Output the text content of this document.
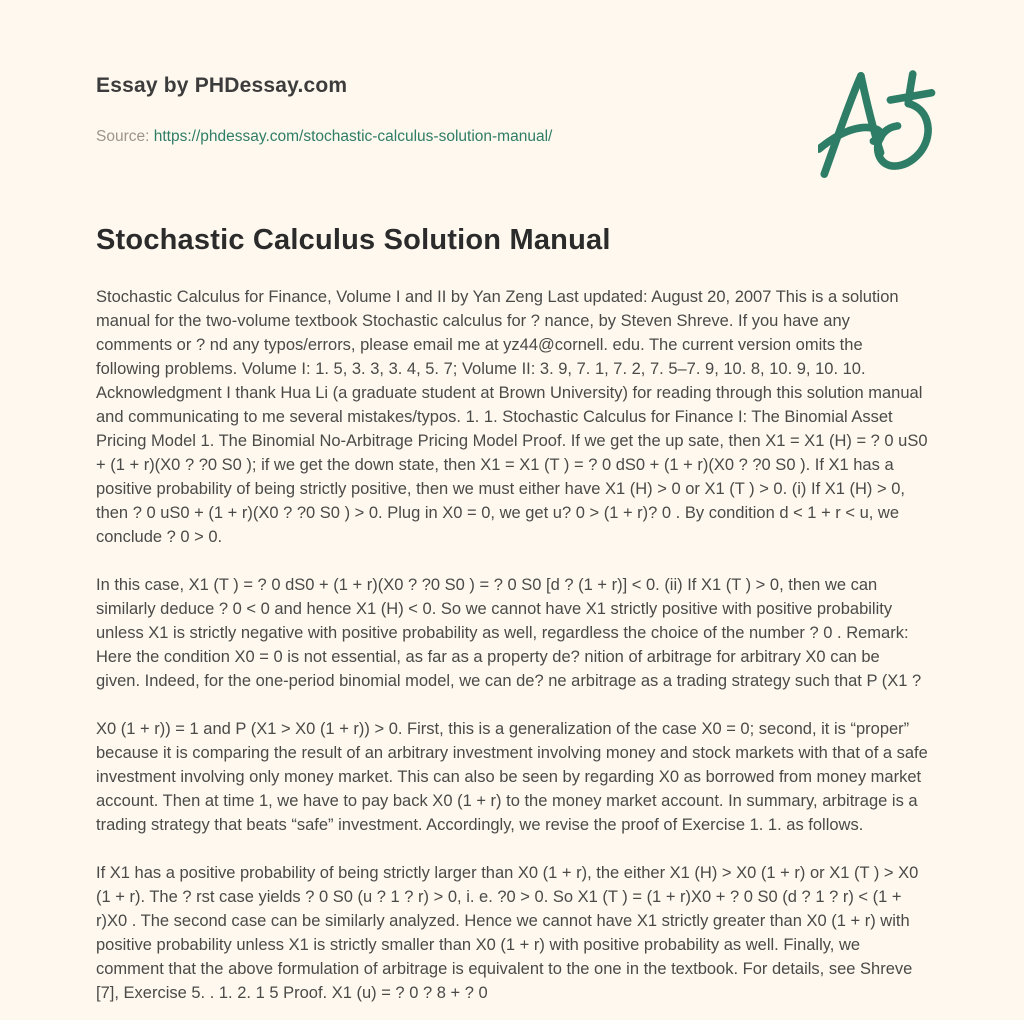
Essay by PHDessay.com

Source: https://phdessay.com/stochastic-calculus-solution-manual/

Stochastic Calculus Solution Manual

Stochastic Calculus for Finance, Volume I and II by Yan Zeng Last updated: August 20, 2007 This is a solution manual for the two-volume textbook Stochastic calculus for ? nance, by Steven Shreve. If you have any comments or ? nd any typos/errors, please email me at yz44@cornell. edu. The current version omits the following problems. Volume I: 1. 5, 3. 3, 3. 4, 5. 7; Volume II: 3. 9, 7. 1, 7. 2, 7. 5–7. 9, 10. 8, 10. 9, 10. 10. Acknowledgment I thank Hua Li (a graduate student at Brown University) for reading through this solution manual and communicating to me several mistakes/typos. 1. 1. Stochastic Calculus for Finance I: The Binomial Asset Pricing Model 1. The Binomial No-Arbitrage Pricing Model Proof. If we get the up sate, then X1 = X1 (H) = ? 0 uS0 + (1 + r)(X0 ? ?0 S0 ); if we get the down state, then X1 = X1 (T ) = ? 0 dS0 + (1 + r)(X0 ? ?0 S0 ). If X1 has a positive probability of being strictly positive, then we must either have X1 (H) > 0 or X1 (T ) > 0. (i) If X1 (H) > 0, then ? 0 uS0 + (1 + r)(X0 ? ?0 S0 ) > 0. Plug in X0 = 0, we get u? 0 > (1 + r)? 0 . By condition d < 1 + r < u, we conclude ? 0 > 0.

In this case, X1 (T ) = ? 0 dS0 + (1 + r)(X0 ? ?0 S0 ) = ? 0 S0 [d ? (1 + r)] < 0. (ii) If X1 (T ) > 0, then we can similarly deduce ? 0 < 0 and hence X1 (H) < 0. So we cannot have X1 strictly positive with positive probability unless X1 is strictly negative with positive probability as well, regardless the choice of the number ? 0 . Remark: Here the condition X0 = 0 is not essential, as far as a property de? nition of arbitrage for arbitrary X0 can be given. Indeed, for the one-period binomial model, we can de? ne arbitrage as a trading strategy such that P (X1 ?

X0 (1 + r)) = 1 and P (X1 > X0 (1 + r)) > 0. First, this is a generalization of the case X0 = 0; second, it is “proper” because it is comparing the result of an arbitrary investment involving money and stock markets with that of a safe investment involving only money market. This can also be seen by regarding X0 as borrowed from money market account. Then at time 1, we have to pay back X0 (1 + r) to the money market account. In summary, arbitrage is a trading strategy that beats “safe” investment. Accordingly, we revise the proof of Exercise 1. 1. as follows.

If X1 has a positive probability of being strictly larger than X0 (1 + r), the either X1 (H) > X0 (1 + r) or X1 (T ) > X0 (1 + r). The ? rst case yields ? 0 S0 (u ? 1 ? r) > 0, i. e. ?0 > 0. So X1 (T ) = (1 + r)X0 + ? 0 S0 (d ? 1 ? r) < (1 + r)X0 . The second case can be similarly analyzed. Hence we cannot have X1 strictly greater than X0 (1 + r) with positive probability unless X1 is strictly smaller than X0 (1 + r) with positive probability as well. Finally, we comment that the above formulation of arbitrage is equivalent to the one in the textbook. For details, see Shreve [7], Exercise 5. . 1. 2. 1 5 Proof. X1 (u) = ? 0 ? 8 + ? 0
